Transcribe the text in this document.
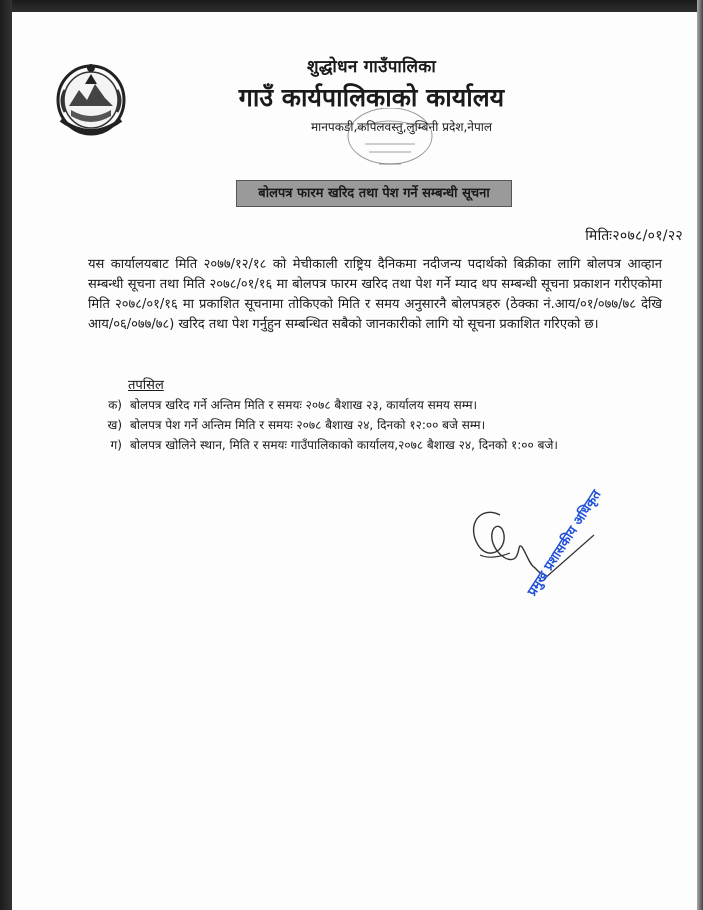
शुद्धोधन गाउँपालिका
गाउँ कार्यपालिकाको कार्यालय
मानपकडी,कपिलवस्तु,लुम्बिनी प्रदेश,नेपाल
बोलपत्र फारम खरिद तथा पेश गर्ने सम्बन्धी सूचना
मितिः२०७८/०१/२२
यस कार्यालयबाट मिति २०७७/१२/१८ को मेचीकाली राष्ट्रिय दैनिकमा नदीजन्य पदार्थको बिक्रीका लागि बोलपत्र आव्हान सम्बन्धी सूचना तथा मिति २०७८/०१/१६ मा बोलपत्र फारम खरिद तथा पेश गर्ने म्याद थप सम्बन्धी सूचना प्रकाशन गरीएकोमा मिति २०७८/०१/१६ मा प्रकाशित सूचनामा तोकिएको मिति र समय अनुसारनै बोलपत्रहरु (ठेक्का नं.आय/०१/०७७/७८ देखि आय/०६/०७७/७८) खरिद तथा पेश गर्नुहुन सम्बन्धित सबैको जानकारीको लागि यो सूचना प्रकाशित गरिएको छ।
तपसिल
क) बोलपत्र खरिद गर्ने अन्तिम मिति र समयः २०७८ बैशाख २३, कार्यालय समय सम्म।
ख) बोलपत्र पेश गर्ने अन्तिम मिति र समयः २०७८ बैशाख २४, दिनको १२:०० बजे सम्म।
ग) बोलपत्र खोलिने स्थान, मिति र समयः गाउँपालिकाको कार्यालय,२०७८ बैशाख २४, दिनको १:०० बजे।
प्रमुख प्रशासकीय अधिकृत
